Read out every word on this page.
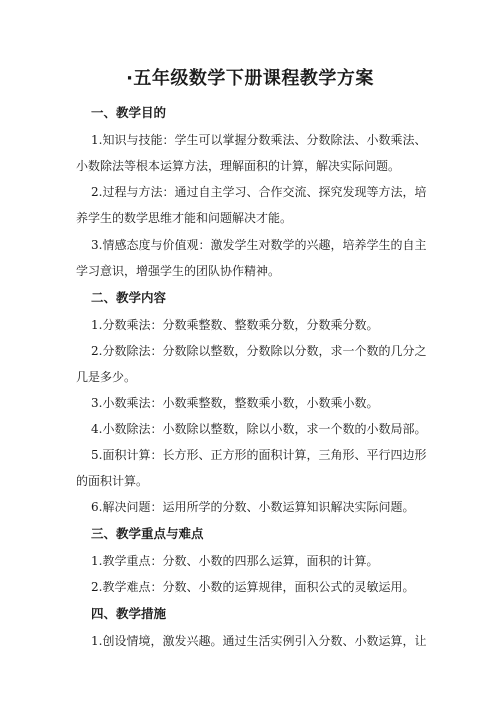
·五年级数学下册课程教学方案
一、教学目的
1.知识与技能：学生可以掌握分数乘法、分数除法、小数乘法、
小数除法等根本运算方法，理解面积的计算，解决实际问题。
2.过程与方法：通过自主学习、合作交流、探究发现等方法，培
养学生的数学思维才能和问题解决才能。
3.情感态度与价值观：激发学生对数学的兴趣，培养学生的自主
学习意识，增强学生的团队协作精神。
二、教学内容
1.分数乘法：分数乘整数、整数乘分数，分数乘分数。
2.分数除法：分数除以整数，分数除以分数，求一个数的几分之
几是多少。
3.小数乘法：小数乘整数，整数乘小数，小数乘小数。
4.小数除法：小数除以整数，除以小数，求一个数的小数局部。
5.面积计算：长方形、正方形的面积计算，三角形、平行四边形
的面积计算。
6.解决问题：运用所学的分数、小数运算知识解决实际问题。
三、教学重点与难点
1.教学重点：分数、小数的四那么运算，面积的计算。
2.教学难点：分数、小数的运算规律，面积公式的灵敏运用。
四、教学措施
1.创设情境，激发兴趣。通过生活实例引入分数、小数运算，让
